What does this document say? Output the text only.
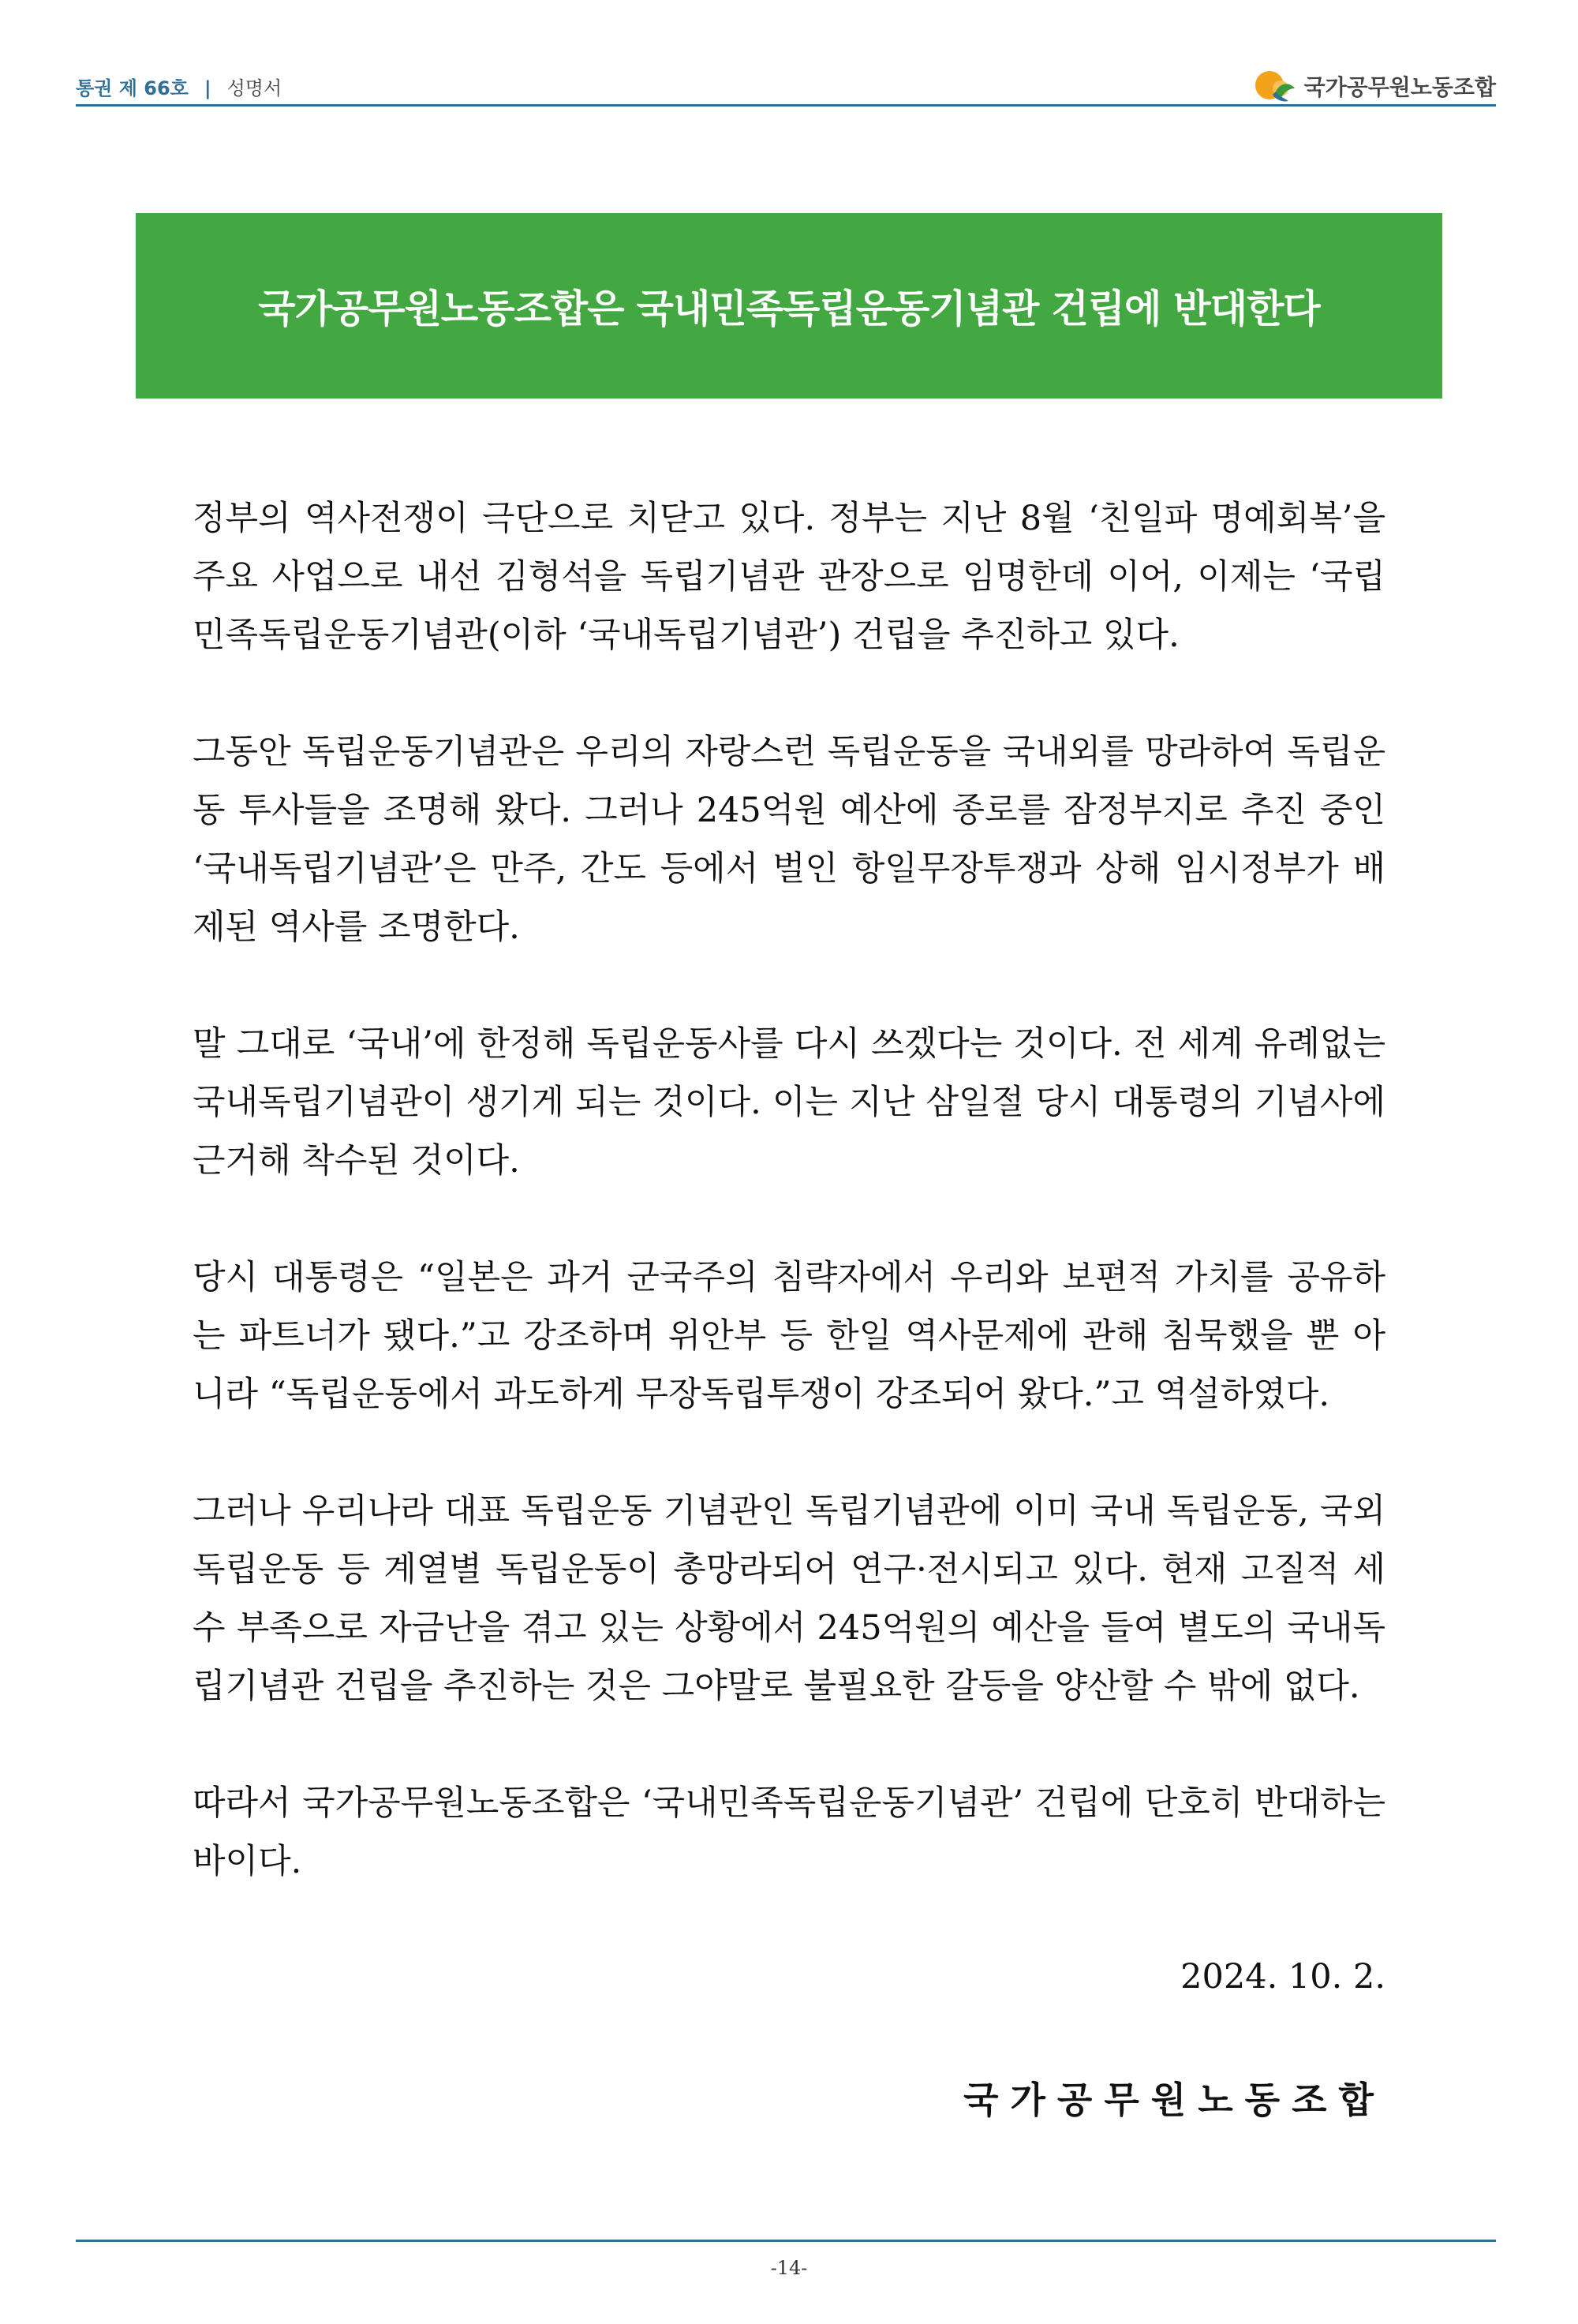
통권 제 66호 | 성명서	국가공무원노동조합
국가공무원노동조합은 국내민족독립운동기념관 건립에 반대한다

정부의 역사전쟁이 극단으로 치닫고 있다. 정부는 지난 8월 ‘친일파 명예회복’을 주요 사업으로 내선 김형석을 독립기념관 관장으로 임명한데 이어, 이제는 ‘국립민족독립운동기념관(이하 ‘국내독립기념관’) 건립을 추진하고 있다.

그동안 독립운동기념관은 우리의 자랑스런 독립운동을 국내외를 망라하여 독립운동 투사들을 조명해 왔다. 그러나 245억원 예산에 종로를 잠정부지로 추진 중인 ‘국내독립기념관’은 만주, 간도 등에서 벌인 항일무장투쟁과 상해 임시정부가 배제된 역사를 조명한다.

말 그대로 ‘국내’에 한정해 독립운동사를 다시 쓰겠다는 것이다. 전 세계 유례없는 국내독립기념관이 생기게 되는 것이다. 이는 지난 삼일절 당시 대통령의 기념사에 근거해 착수된 것이다.

당시 대통령은 “일본은 과거 군국주의 침략자에서 우리와 보편적 가치를 공유하는 파트너가 됐다.”고 강조하며 위안부 등 한일 역사문제에 관해 침묵했을 뿐 아니라 “독립운동에서 과도하게 무장독립투쟁이 강조되어 왔다.”고 역설하였다.

그러나 우리나라 대표 독립운동 기념관인 독립기념관에 이미 국내 독립운동, 국외 독립운동 등 계열별 독립운동이 총망라되어 연구·전시되고 있다. 현재 고질적 세수 부족으로 자금난을 겪고 있는 상황에서 245억원의 예산을 들여 별도의 국내독립기념관 건립을 추진하는 것은 그야말로 불필요한 갈등을 양산할 수 밖에 없다.

따라서 국가공무원노동조합은 ‘국내민족독립운동기념관’ 건립에 단호히 반대하는 바이다.

2024. 10. 2.
국가공무원노동조합
-14-
